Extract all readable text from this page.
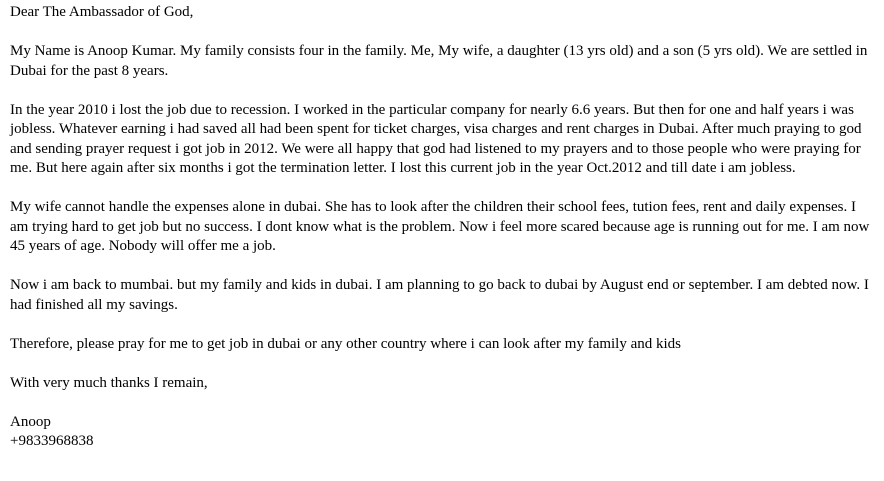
Dear The Ambassador of God,

My Name is Anoop Kumar. My family consists four in the family. Me, My wife, a daughter (13 yrs old) and a son (5 yrs old). We are settled in Dubai for the past 8 years.

In the year 2010 i lost the job due to recession. I worked in the particular company for nearly 6.6 years. But then for one and half years i was jobless. Whatever earning i had saved all had been spent for ticket charges, visa charges and rent charges in Dubai. After much praying to god and sending prayer request i got job in 2012. We were all happy that god had listened to my prayers and to those people who were praying for me. But here again after six months i got the termination letter. I lost this current job in the year Oct.2012 and till date i am jobless.

My wife cannot handle the expenses alone in dubai. She has to look after the children their school fees, tution fees, rent and daily expenses. I am trying hard to get job but no success. I dont know what is the problem. Now i feel more scared because age is running out for me. I am now 45 years of age. Nobody will offer me a job.

Now i am back to mumbai. but my family and kids in dubai. I am planning to go back to dubai by August end or september. I am debted now. I had finished all my savings.

Therefore, please pray for me to get job in dubai or any other country where i can look after my family and kids

With very much thanks I remain,

Anoop

+9833968838
